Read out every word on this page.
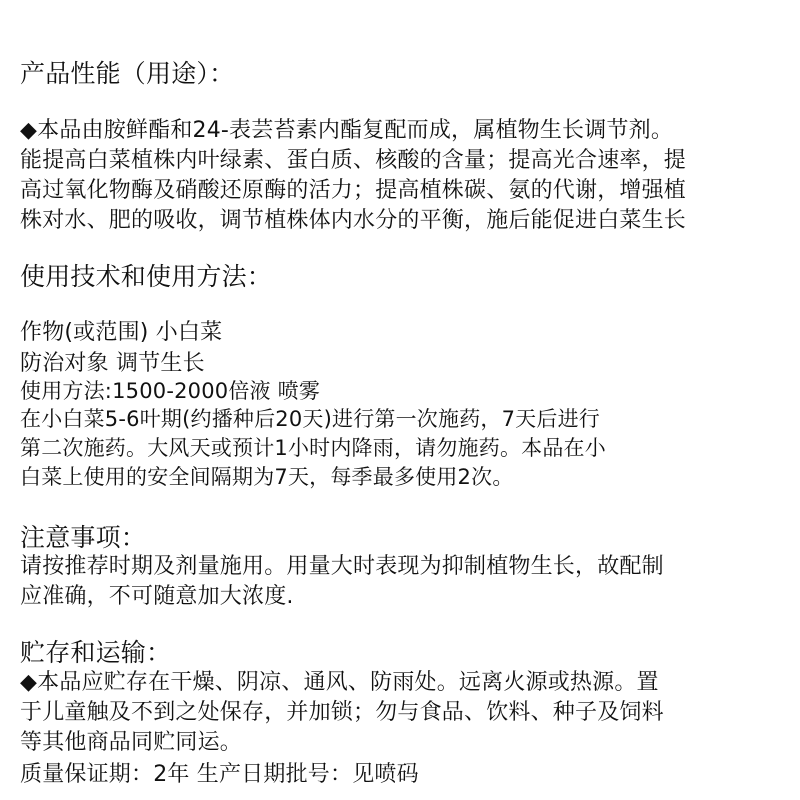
产品性能（用途）：
◆本品由胺鲜酯和24-表芸苔素内酯复配而成，属植物生长调节剂。
能提高白菜植株内叶绿素、蛋白质、核酸的含量；提高光合速率，提
高过氧化物酶及硝酸还原酶的活力；提高植株碳、氨的代谢，增强植
株对水、肥的吸收，调节植株体内水分的平衡，施后能促进白菜生长
使用技术和使用方法：
作物(或范围) 小白菜
防治对象 调节生长
使用方法:1500-2000倍液 喷雾
在小白菜5-6叶期(约播种后20天)进行第一次施药，7天后进行
第二次施药。大风天或预计1小时内降雨，请勿施药。本品在小
白菜上使用的安全间隔期为7天，每季最多使用2次。
注意事项：
请按推荐时期及剂量施用。用量大时表现为抑制植物生长，故配制
应准确，不可随意加大浓度.
贮存和运输：
◆本品应贮存在干燥、阴凉、通风、防雨处。远离火源或热源。置
于儿童触及不到之处保存，并加锁；勿与食品、饮料、种子及饲料
等其他商品同贮同运。
质量保证期：2年 生产日期批号：见喷码
